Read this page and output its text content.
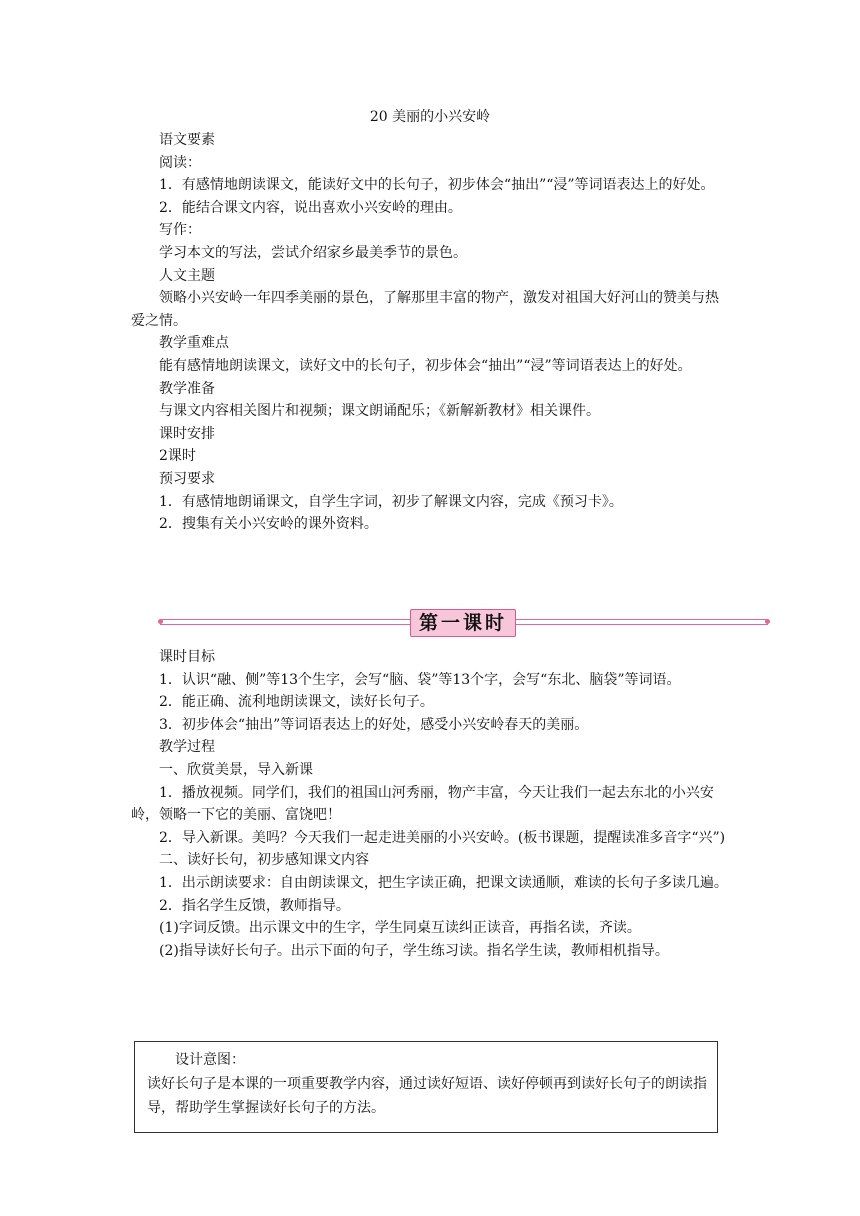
20 美丽的小兴安岭

语文要素

阅读：

1．有感情地朗读课文，能读好文中的长句子，初步体会“抽出”“浸”等词语表达上的好处。

2．能结合课文内容，说出喜欢小兴安岭的理由。

写作：

学习本文的写法，尝试介绍家乡最美季节的景色。

人文主题

领略小兴安岭一年四季美丽的景色，了解那里丰富的物产，激发对祖国大好河山的赞美与热爱之情。

教学重难点

能有感情地朗读课文，读好文中的长句子，初步体会“抽出”“浸”等词语表达上的好处。

教学准备

与课文内容相关图片和视频；课文朗诵配乐；《新解新教材》相关课件。

课时安排

2课时

预习要求

1．有感情地朗诵课文，自学生字词，初步了解课文内容，完成《预习卡》。

2．搜集有关小兴安岭的课外资料。

第一课时

课时目标

1．认识“融、侧”等13个生字，会写“脑、袋”等13个字，会写“东北、脑袋”等词语。

2．能正确、流利地朗读课文，读好长句子。

3．初步体会“抽出”等词语表达上的好处，感受小兴安岭春天的美丽。

教学过程

一、欣赏美景，导入新课

1．播放视频。同学们，我们的祖国山河秀丽，物产丰富，今天让我们一起去东北的小兴安岭，领略一下它的美丽、富饶吧！

2．导入新课。美吗？今天我们一起走进美丽的小兴安岭。(板书课题，提醒读准多音字“兴”)

二、读好长句，初步感知课文内容

1．出示朗读要求：自由朗读课文，把生字读正确，把课文读通顺，难读的长句子多读几遍。

2．指名学生反馈，教师指导。

(1)字词反馈。出示课文中的生字，学生同桌互读纠正读音，再指名读，齐读。

(2)指导读好长句子。出示下面的句子，学生练习读。指名学生读，教师相机指导。

设计意图：
读好长句子是本课的一项重要教学内容，通过读好短语、读好停顿再到读好长句子的朗读指导，帮助学生掌握读好长句子的方法。
